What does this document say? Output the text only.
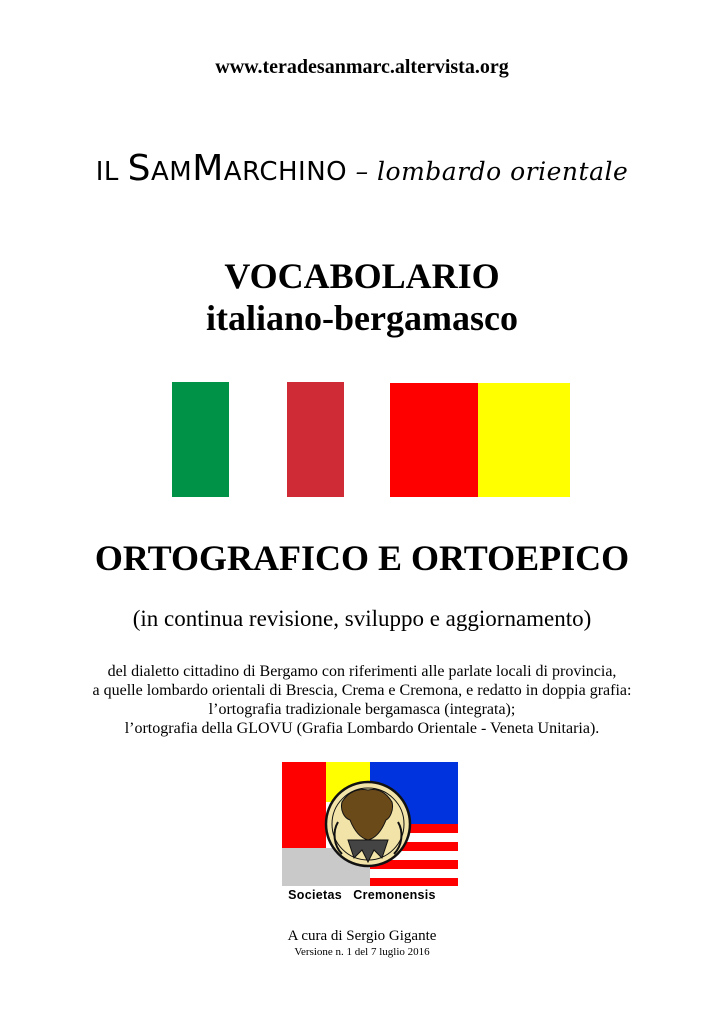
www.teradesanmarc.altervista.org
IL SAMMARCHINO – lombardo orientale
VOCABOLARIO
italiano-bergamasco
ORTOGRAFICO E ORTOEPICO
(in continua revisione, sviluppo e aggiornamento)
del dialetto cittadino di Bergamo con riferimenti alle parlate locali di provincia,
a quelle lombardo orientali di Brescia, Crema e Cremona, e redatto in doppia grafia:
l’ortografia tradizionale bergamasca (integrata);
l’ortografia della GLOVU (Grafia Lombardo Orientale - Veneta Unitaria).
Societas   Cremonensis
A cura di Sergio Gigante
Versione n. 1 del 7 luglio 2016
